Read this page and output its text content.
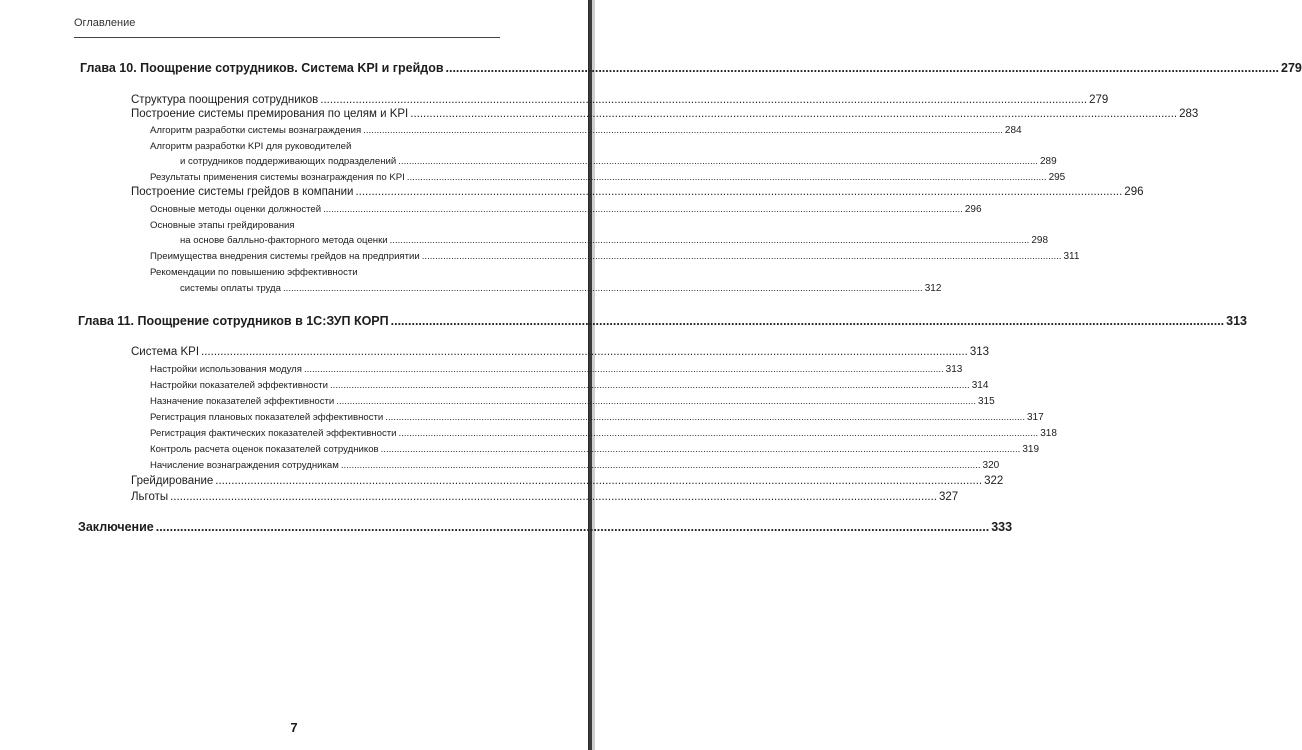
Оглавление
Глава 10. Поощрение сотрудников. Система KPI и грейдов ................................................................................................................................................................................................................................................ 279
Структура поощрения сотрудников ................................................................................................................................................................................................................................................ 279
Построение системы премирования по целям и KPI ................................................................................................................................................................................................................................................ 283
Алгоритм разработки системы вознаграждения ................................................................................................................................................................................................................................................ 284
Алгоритм разработки KPI для руководителей
и сотрудников поддерживающих подразделений ................................................................................................................................................................................................................................................ 289
Результаты применения системы вознаграждения по KPI ................................................................................................................................................................................................................................................ 295
Построение системы грейдов в компании ................................................................................................................................................................................................................................................ 296
Основные методы оценки должностей ................................................................................................................................................................................................................................................ 296
Основные этапы грейдирования
на основе балльно-факторного метода оценки ................................................................................................................................................................................................................................................ 298
Преимущества внедрения системы грейдов на предприятии ................................................................................................................................................................................................................................................ 311
Рекомендации по повышению эффективности
системы оплаты труда ................................................................................................................................................................................................................................................ 312
Глава 11. Поощрение сотрудников в 1С:ЗУП КОРП ................................................................................................................................................................................................................................................ 313
Система KPI ................................................................................................................................................................................................................................................ 313
Настройки использования модуля ................................................................................................................................................................................................................................................ 313
Настройки показателей эффективности ................................................................................................................................................................................................................................................ 314
Назначение показателей эффективности ................................................................................................................................................................................................................................................ 315
Регистрация плановых показателей эффективности ................................................................................................................................................................................................................................................ 317
Регистрация фактических показателей эффективности ................................................................................................................................................................................................................................................ 318
Контроль расчета оценок показателей сотрудников ................................................................................................................................................................................................................................................ 319
Начисление вознаграждения сотрудникам ................................................................................................................................................................................................................................................ 320
Грейдирование ................................................................................................................................................................................................................................................ 322
Льготы ................................................................................................................................................................................................................................................ 327
Заключение ................................................................................................................................................................................................................................................ 333
7
